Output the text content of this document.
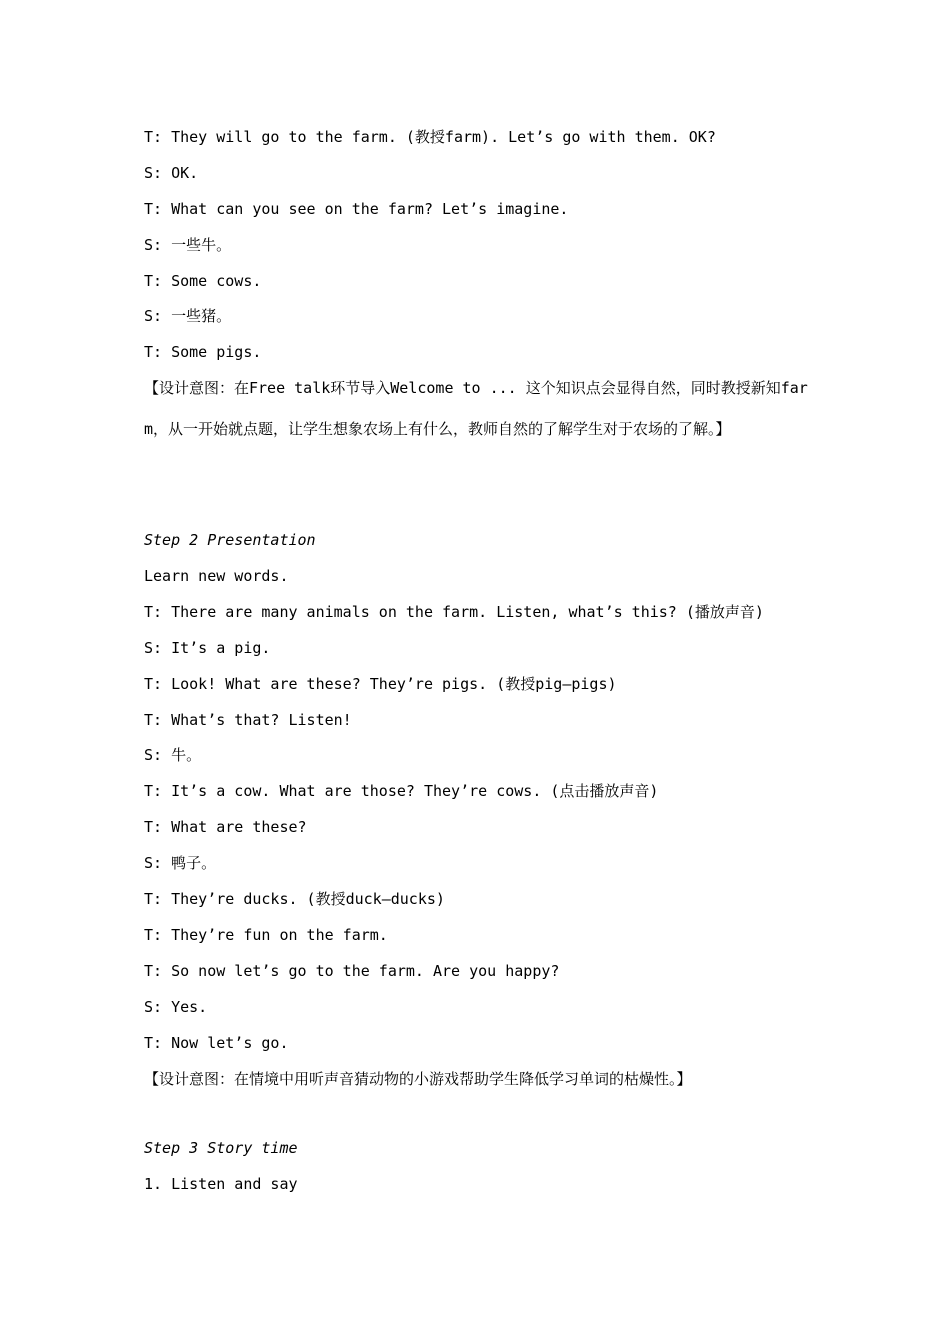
T: They will go to the farm. (教授farm). Let’s go with them. OK?
S: OK.
T: What can you see on the farm? Let’s imagine.
S: 一些牛。
T: Some cows.
S: 一些猪。
T: Some pigs.
【设计意图：在Free talk环节导入Welcome to ... 这个知识点会显得自然，同时教授新知farm，从一开始就点题，让学生想象农场上有什么，教师自然的了解学生对于农场的了解。】
Step 2 Presentation
Learn new words.
T: There are many animals on the farm. Listen, what’s this? (播放声音)
S: It’s a pig.
T: Look! What are these? They’re pigs. (教授pig—pigs)
T: What’s that? Listen!
S: 牛。
T: It’s a cow. What are those? They’re cows. (点击播放声音)
T: What are these?
S: 鸭子。
T: They’re ducks. (教授duck—ducks)
T: They’re fun on the farm.
T: So now let’s go to the farm. Are you happy?
S: Yes.
T: Now let’s go.
【设计意图：在情境中用听声音猜动物的小游戏帮助学生降低学习单词的枯燥性。】
Step 3 Story time
1. Listen and say
